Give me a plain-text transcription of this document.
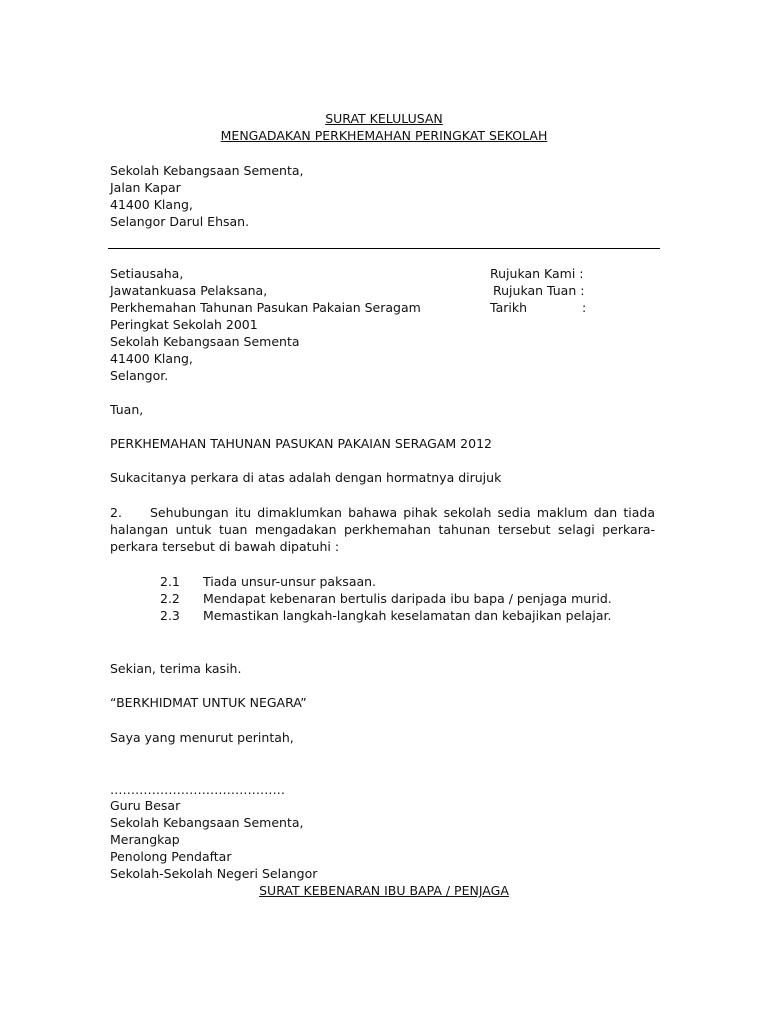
SURAT KELULUSAN
MENGADAKAN PERKHEMAHAN PERINGKAT SEKOLAH
Sekolah Kebangsaan Sementa,
Jalan Kapar
41400 Klang,
Selangor Darul Ehsan.
Setiausaha,
Jawatankuasa Pelaksana,
Perkhemahan Tahunan Pasukan Pakaian Seragam
Peringkat Sekolah 2001
Sekolah Kebangsaan Sementa
41400 Klang,
Selangor.
Rujukan Kami :
Rujukan Tuan :
Tarikh	:
Tuan,
PERKHEMAHAN TAHUNAN PASUKAN PAKAIAN SERAGAM 2012
Sukacitanya perkara di atas adalah dengan hormatnya dirujuk
2. Sehubungan itu dimaklumkan bahawa pihak sekolah sedia maklum dan tiada halangan untuk tuan mengadakan perkhemahan tahunan tersebut selagi perkara-perkara tersebut di bawah dipatuhi :
2.1 Tiada unsur-unsur paksaan.
2.2 Mendapat kebenaran bertulis daripada ibu bapa / penjaga murid.
2.3 Memastikan langkah-langkah keselamatan dan kebajikan pelajar.
Sekian, terima kasih.
“BERKHIDMAT UNTUK NEGARA”
Saya yang menurut perintah,
……………………………………
Guru Besar
Sekolah Kebangsaan Sementa,
Merangkap
Penolong Pendaftar
Sekolah-Sekolah Negeri Selangor
SURAT KEBENARAN IBU BAPA / PENJAGA
